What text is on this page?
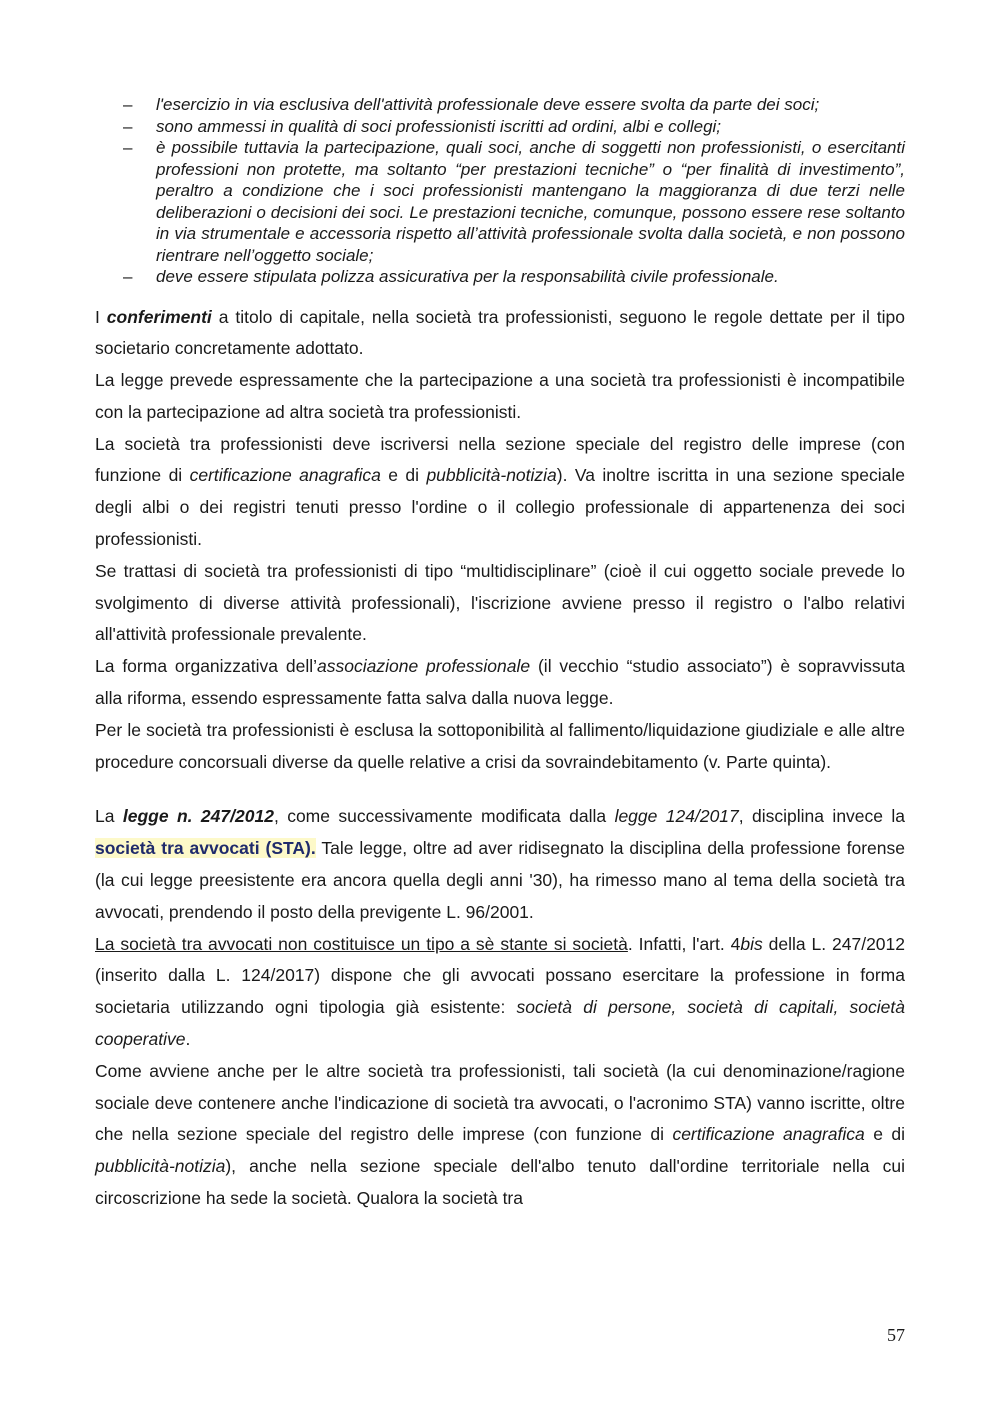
– l'esercizio in via esclusiva dell'attività professionale deve essere svolta da parte dei soci;
– sono ammessi in qualità di soci professionisti iscritti ad ordini, albi e collegi;
– è possibile tuttavia la partecipazione, quali soci, anche di soggetti non professionisti, o esercitanti professioni non protette, ma soltanto “per prestazioni tecniche” o “per finalità di investimento”, peraltro a condizione che i soci professionisti mantengano la maggioranza di due terzi nelle deliberazioni o decisioni dei soci. Le prestazioni tecniche, comunque, possono essere rese soltanto in via strumentale e accessoria rispetto all’attività professionale svolta dalla società, e non possono rientrare nell’oggetto sociale;
– deve essere stipulata polizza assicurativa per la responsabilità civile professionale.

I conferimenti a titolo di capitale, nella società tra professionisti, seguono le regole dettate per il tipo societario concretamente adottato.

La legge prevede espressamente che la partecipazione a una società tra professionisti è incompatibile con la partecipazione ad altra società tra professionisti.

La società tra professionisti deve iscriversi nella sezione speciale del registro delle imprese (con funzione di certificazione anagrafica e di pubblicità-notizia). Va inoltre iscritta in una sezione speciale degli albi o dei registri tenuti presso l'ordine o il collegio professionale di appartenenza dei soci professionisti.

Se trattasi di società tra professionisti di tipo “multidisciplinare” (cioè il cui oggetto sociale prevede lo svolgimento di diverse attività professionali), l'iscrizione avviene presso il registro o l'albo relativi all'attività professionale prevalente.

La forma organizzativa dell’associazione professionale (il vecchio “studio associato”) è sopravvissuta alla riforma, essendo espressamente fatta salva dalla nuova legge.

Per le società tra professionisti è esclusa la sottoponibilità al fallimento/liquidazione giudiziale e alle altre procedure concorsuali diverse da quelle relative a crisi da sovraindebitamento (v. Parte quinta).

La legge n. 247/2012, come successivamente modificata dalla legge 124/2017, disciplina invece la società tra avvocati (STA). Tale legge, oltre ad aver ridisegnato la disciplina della professione forense (la cui legge preesistente era ancora quella degli anni '30), ha rimesso mano al tema della società tra avvocati, prendendo il posto della previgente L. 96/2001.

La società tra avvocati non costituisce un tipo a sè stante si società. Infatti, l'art. 4bis della L. 247/2012 (inserito dalla L. 124/2017) dispone che gli avvocati possano esercitare la professione in forma societaria utilizzando ogni tipologia già esistente: società di persone, società di capitali, società cooperative.

Come avviene anche per le altre società tra professionisti, tali società (la cui denominazione/ragione sociale deve contenere anche l'indicazione di società tra avvocati, o l'acronimo STA) vanno iscritte, oltre che nella sezione speciale del registro delle imprese (con funzione di certificazione anagrafica e di pubblicità-notizia), anche nella sezione speciale dell'albo tenuto dall'ordine territoriale nella cui circoscrizione ha sede la società. Qualora la società tra

57
